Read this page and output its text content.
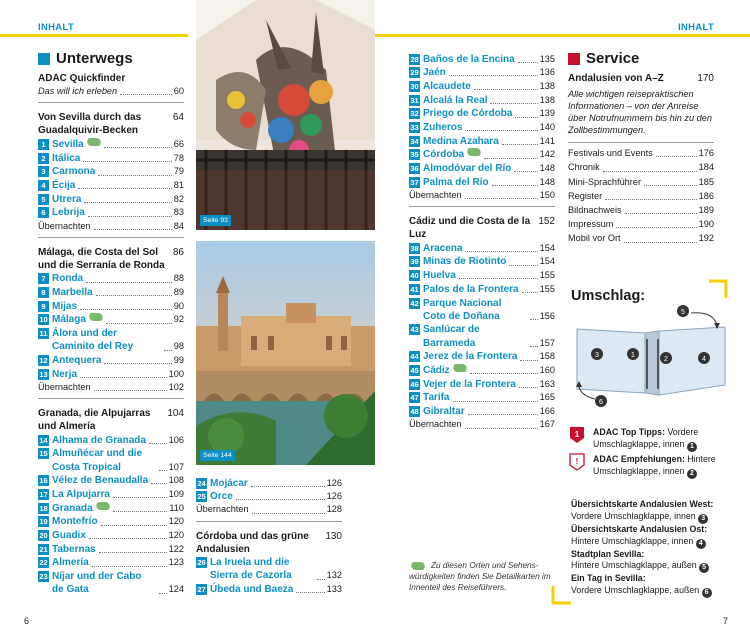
INHALT
Unterwegs
ADAC Quickfinder
Das will ich erleben	60
Von Sevilla durch das Guadalquivir-Becken
64
1 Sevilla	66
2 Itálica	78
3 Carmona	79
4 Écija	81
5 Utrera	82
6 Lebrija	83
Übernachten	84
Málaga, die Costa del Sol und die Serranía de Ronda
86
7 Ronda	88
8 Marbella	89
9 Mijas	90
10 Málaga	92
11 Álora und der Caminito del Rey	98
12 Antequera	99
13 Nerja	100
Übernachten	102
Granada, die Alpujarras und Almería
104
14 Alhama de Granada 106
15 Almuñécar und die Costa Tropical	107
16 Vélez de Benaudalla 108
17 La Alpujarra	109
18 Granada	110
19 Montefrío	120
20 Guadix	120
21 Tabernas	122
22 Almería	123
23 Níjar und der Cabo de Gata	124
Seite 93
Seite 144
24 Mojácar	126
25 Orce	126
Übernachten	128
Córdoba und das grüne Andalusien
130
26 La Iruela und die Sierra de Cazorla	132
27 Úbeda und Baeza	133
6
INHALT
28 Baños de la Encina	135
29 Jaén	136
30 Alcaudete	138
31 Alcalá la Real	138
32 Priego de Córdoba	139
33 Zuheros	140
34 Medina Azahara	141
35 Córdoba	142
36 Almodóvar del Río	148
37 Palma del Río	148
Übernachten	150
Cádiz und die Costa de la Luz
152
38 Aracena	154
39 Minas de Riotinto	154
40 Huelva	155
41 Palos de la Frontera 155
42 Parque Nacional Coto de Doñana	156
43 Sanlúcar de Barrameda	157
44 Jerez de la Frontera 158
45 Cádiz	160
46 Vejer de la Frontera	163
47 Tarifa	165
48 Gibraltar	166
Übernachten	167
Zu diesen Orten und Sehenswürdigkeiten finden Sie Detailkarten im Innenteil des Reiseführers.
Service
Andalusien von A–Z	170
Alle wichtigen reisepraktischen Informationen – von der Anreise über Notrufnummern bis hin zu den Zollbestimmungen.
Festivals und Events	176
Chronik	184
Mini-Sprachführer	185
Register	186
Bildnachweis	189
Impressum	190
Mobil vor Ort	192
Umschlag:
3	1
2	4
5
6
1 ADAC Top Tipps: Vordere Umschlagklappe, innen 1
! ADAC Empfehlungen: Hintere Umschlagklappe, innen 2
Übersichtskarte Andalusien West:
Vordere Umschlagklappe, innen 3
Übersichtskarte Andalusien Ost:
Hintere Umschlagklappe, innen 4
Stadtplan Sevilla:
Hintere Umschlagklappe, außen 5
Ein Tag in Sevilla:
Vordere Umschlagklappe, außen 6
7
